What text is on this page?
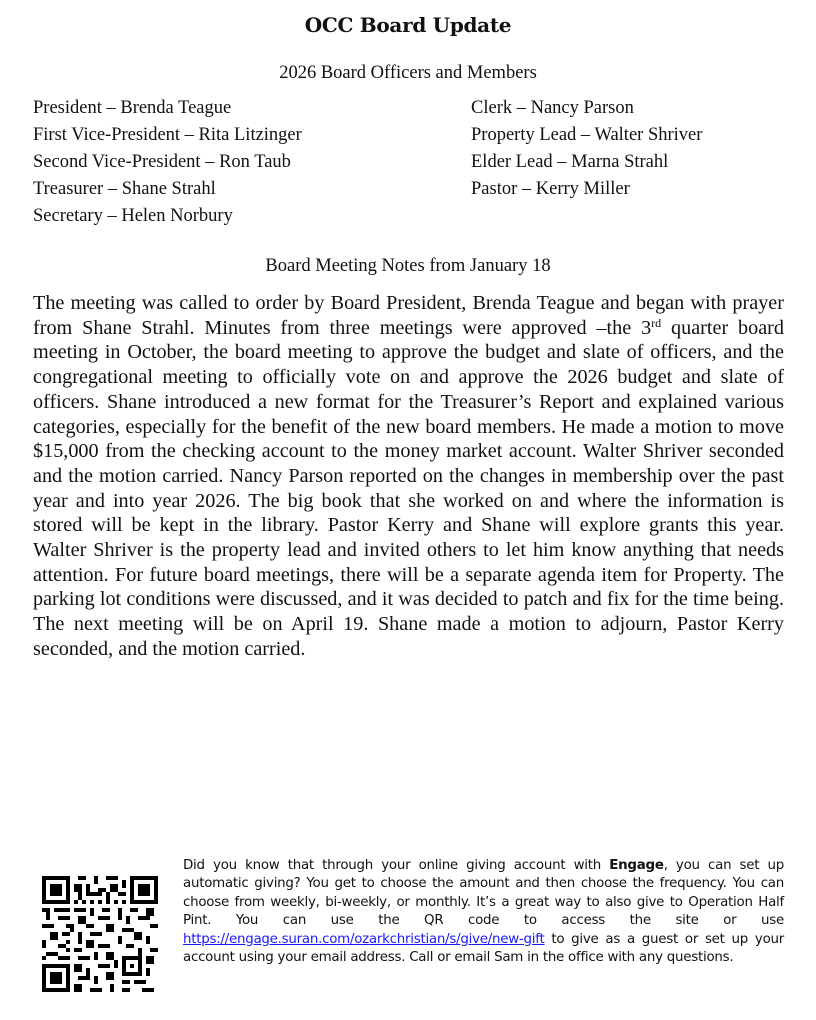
OCC Board Update
2026 Board Officers and Members
President – Brenda Teague
First Vice-President – Rita Litzinger
Second Vice-President – Ron Taub
Treasurer – Shane Strahl
Secretary – Helen Norbury
Clerk – Nancy Parson
Property Lead – Walter Shriver
Elder Lead – Marna Strahl
Pastor – Kerry Miller
Board Meeting Notes from January 18

The meeting was called to order by Board President, Brenda Teague and began with prayer from Shane Strahl. Minutes from three meetings were approved –the 3rd quarter board meeting in October, the board meeting to approve the budget and slate of officers, and the congregational meeting to officially vote on and approve the 2026 budget and slate of officers. Shane introduced a new format for the Treasurer’s Report and explained various categories, especially for the benefit of the new board members. He made a motion to move $15,000 from the checking account to the money market account. Walter Shriver seconded and the motion carried. Nancy Parson reported on the changes in membership over the past year and into year 2026. The big book that she worked on and where the information is stored will be kept in the library. Pastor Kerry and Shane will explore grants this year. Walter Shriver is the property lead and invited others to let him know anything that needs attention. For future board meetings, there will be a separate agenda item for Property. The parking lot conditions were discussed, and it was decided to patch and fix for the time being. The next meeting will be on April 19. Shane made a motion to adjourn, Pastor Kerry seconded, and the motion carried.

Did you know that through your online giving account with Engage, you can set up automatic giving? You get to choose the amount and then choose the frequency. You can choose from weekly, bi-weekly, or monthly. It’s a great way to also give to Operation Half Pint. You can use the QR code to access the site or use https://engage.suran.com/ozarkchristian/s/give/new-gift to give as a guest or set up your account using your email address. Call or email Sam in the office with any questions.
